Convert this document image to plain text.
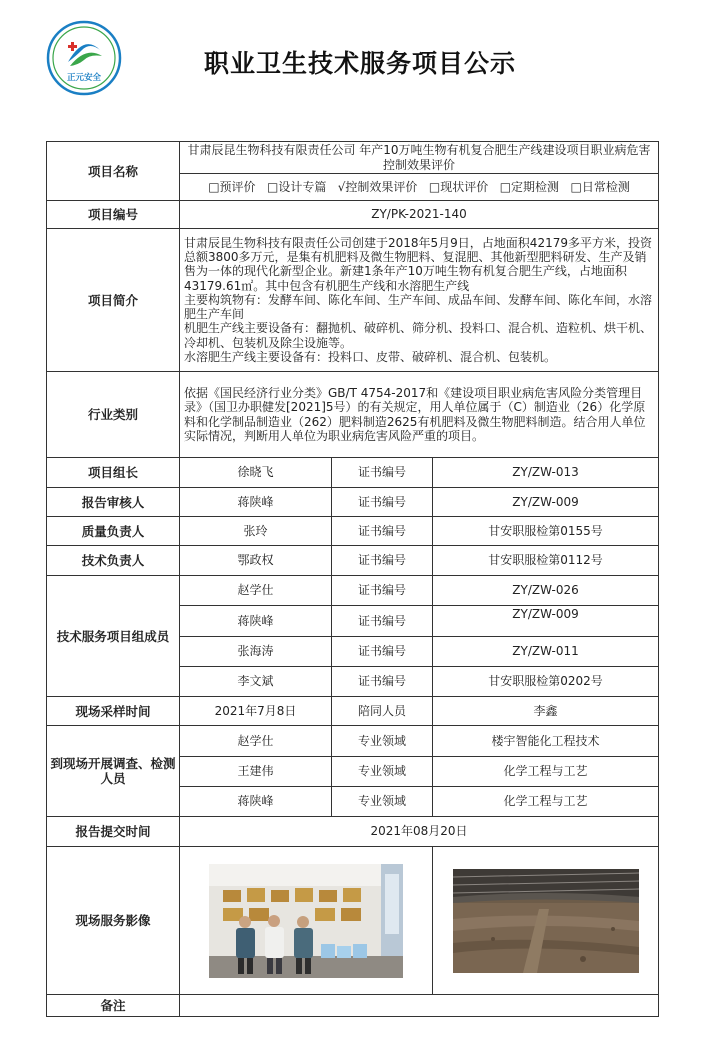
正元安全	职业卫生技术服务项目公示
项目名称	甘肃辰昆生物科技有限责任公司 年产10万吨生物有机复合肥生产线建设项目职业病危害控制效果评价		
	□预评价 □设计专篇 √控制效果评价 □现状评价 □定期检测 □日常检测		
项目编号	ZY/PK-2021-140		
项目简介	甘肃辰昆生物科技有限责任公司创建于2018年5月9日，占地面积42179多平方米，投资总额3800多万元，是集有机肥料及微生物肥料、复混肥、其他新型肥料研发、生产及销售为一体的现代化新型企业。新建1条年产10万吨生物有机复合肥生产线，占地面积43179.61㎡。其中包含有机肥生产线和水溶肥生产线
主要构筑物有：发酵车间、陈化车间、生产车间、成品车间、发酵车间、陈化车间，水溶肥生产车间
机肥生产线主要设备有：翻抛机、破碎机、筛分机、投料口、混合机、造粒机、烘干机、冷却机、包装机及除尘设施等。
水溶肥生产线主要设备有：投料口、皮带、破碎机、混合机、包装机。		

行业类别	依据《国民经济行业分类》GB/T 4754-2017和《建设项目职业病危害风险分类管理目录》（国卫办职健发[2021]5号）的有关规定，用人单位属于（C）制造业（26）化学原料和化学制品制造业（262）肥料制造2625有机肥料及微生物肥料制造。结合用人单位实际情况，判断用人单位为职业病危害风险严重的项目。		
项目组长	徐晓飞	证书编号	ZY/ZW-013
报告审核人	蒋陕峰	证书编号	ZY/ZW-009
质量负责人	张玲	证书编号	甘安职服检第0155号
技术负责人	鄂政权	证书编号	甘安职服检第0112号
技术服务项目组成员	赵学仕	证书编号	ZY/ZW-026
	蒋陕峰	证书编号	ZY/ZW-009
	张海涛	证书编号	ZY/ZW-011
	李文斌	证书编号	甘安职服检第0202号
现场采样时间	2021年7月8日	陪同人员	李鑫
到现场开展调查、检测人员	赵学仕	专业领域	楼宇智能化工程技术
	王建伟	专业领域	化学工程与工艺
	蒋陕峰	专业领域	化学工程与工艺
报告提交时间	2021年08月20日		
现场服务影像	

备注			
